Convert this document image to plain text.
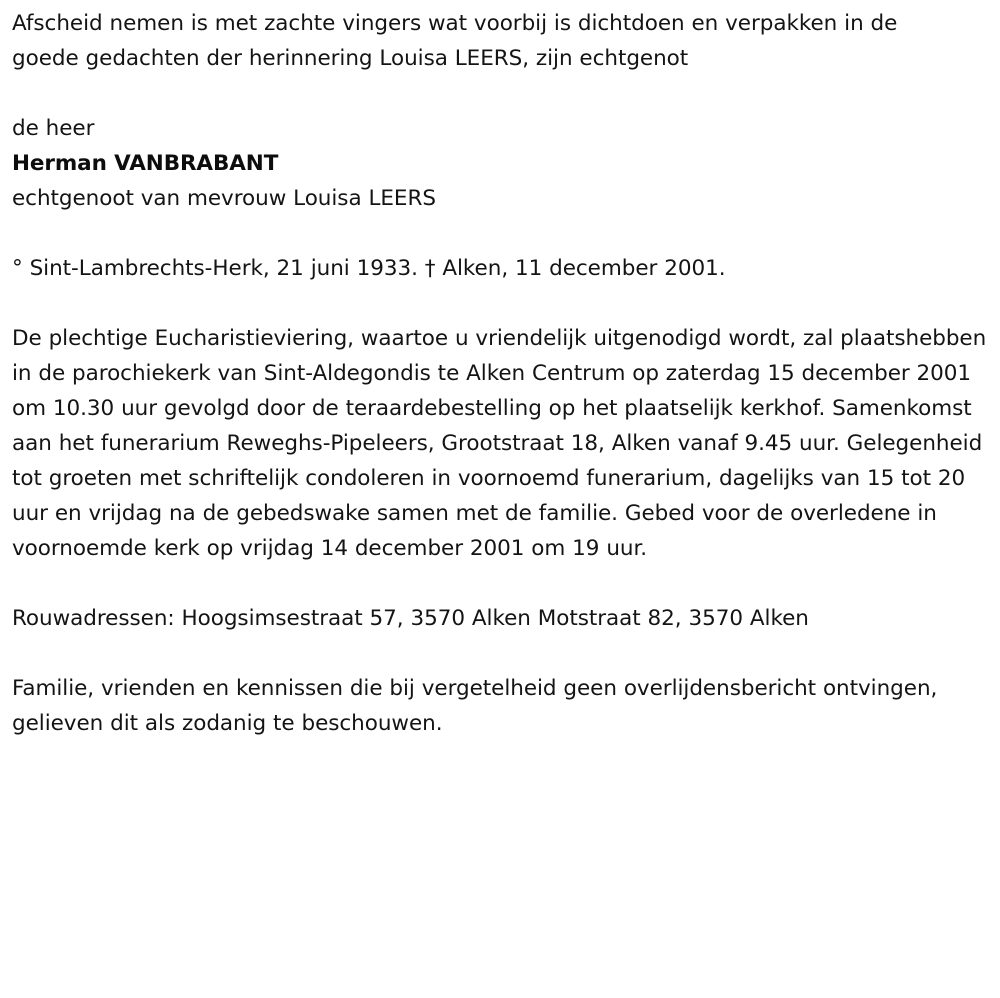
Afscheid nemen is met zachte vingers wat voorbij is dichtdoen en verpakken in de goede gedachten der herinnering Louisa LEERS, zijn echtgenot

de heer

Herman VANBRABANT

echtgenoot van mevrouw Louisa LEERS

° Sint-Lambrechts-Herk, 21 juni 1933. † Alken, 11 december 2001.

De plechtige Eucharistieviering, waartoe u vriendelijk uitgenodigd wordt, zal plaatshebben in de parochiekerk van Sint-Aldegondis te Alken Centrum op zaterdag 15 december 2001 om 10.30 uur gevolgd door de teraardebestelling op het plaatselijk kerkhof. Samenkomst aan het funerarium Reweghs-Pipeleers, Grootstraat 18, Alken vanaf 9.45 uur. Gelegenheid tot groeten met schriftelijk condoleren in voornoemd funerarium, dagelijks van 15 tot 20 uur en vrijdag na de gebedswake samen met de familie. Gebed voor de overledene in voornoemde kerk op vrijdag 14 december 2001 om 19 uur.

Rouwadressen: Hoogsimsestraat 57, 3570 Alken Motstraat 82, 3570 Alken

Familie, vrienden en kennissen die bij vergetelheid geen overlijdensbericht ontvingen, gelieven dit als zodanig te beschouwen.
